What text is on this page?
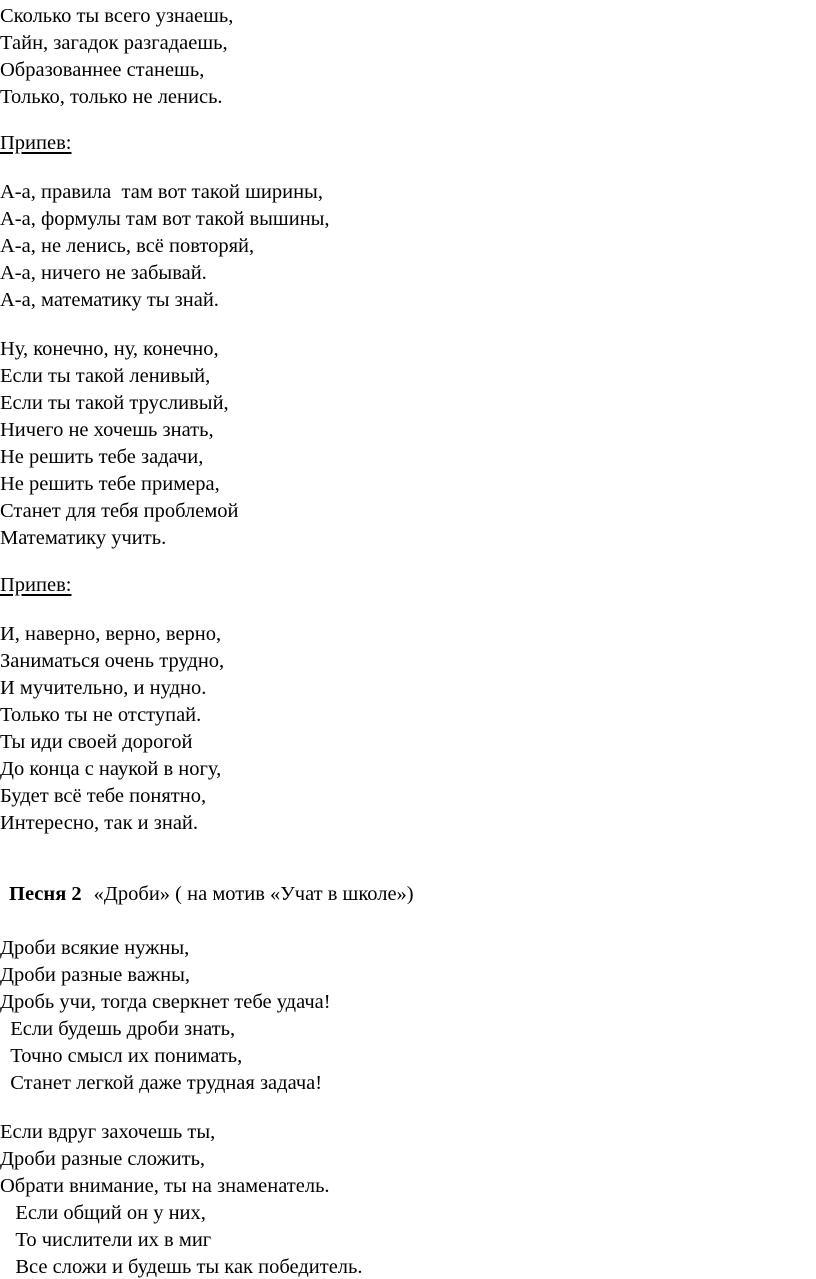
Сколько ты всего узнаешь,
Тайн, загадок разгадаешь,
Образованнее станешь,
Только, только не ленись.
Припев:
А-а, правила  там вот такой ширины,
А-а, формулы там вот такой вышины,
А-а, не ленись, всё повторяй,
А-а, ничего не забывай.
А-а, математику ты знай.
Ну, конечно, ну, конечно,
Если ты такой ленивый,
Если ты такой трусливый,
Ничего не хочешь знать,
Не решить тебе задачи,
Не решить тебе примера,
Станет для тебя проблемой
Математику учить.
Припев:
И, наверно, верно, верно,
Заниматься очень трудно,
И мучительно, и нудно.
Только ты не отступай.
Ты иди своей дорогой
До конца с наукой в ногу,
Будет всё тебе понятно,
Интересно, так и знай.
Песня 2 «Дроби» ( на мотив «Учат в школе»)
Дроби всякие нужны,
Дроби разные важны,
Дробь учи, тогда сверкнет тебе удача!
Если будешь дроби знать,
Точно смысл их понимать,
Станет легкой даже трудная задача!
Если вдруг захочешь ты,
Дроби разные сложить,
Обрати внимание, ты на знаменатель.
Если общий он у них,
То числители их в миг
Все сложи и будешь ты как победитель.
